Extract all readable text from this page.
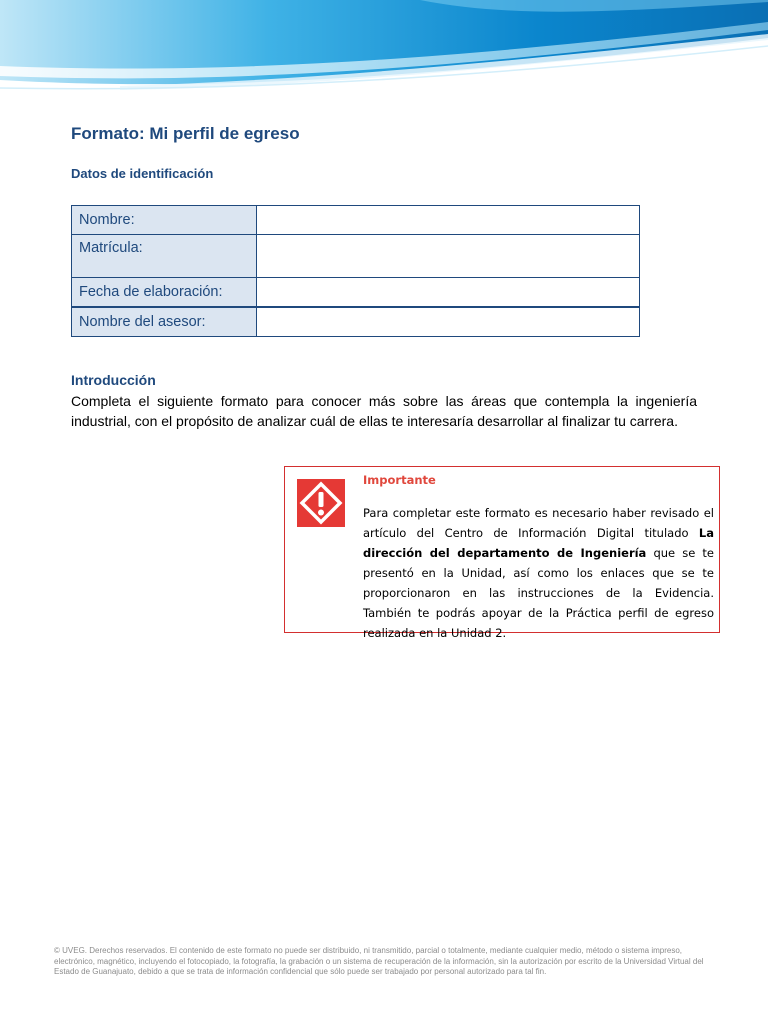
Formato: Mi perfil de egreso
Datos de identificación
Nombre:	
Matrícula:	
Fecha de elaboración:	
Nombre del asesor:	
Introducción
Completa el siguiente formato para conocer más sobre las áreas que contempla la ingeniería industrial, con el propósito de analizar cuál de ellas te interesaría desarrollar al finalizar tu carrera.
Importante
Para completar este formato es necesario haber revisado el artículo del Centro de Información Digital titulado La dirección del departamento de Ingeniería que se te presentó en la Unidad, así como los enlaces que se te proporcionaron en las instrucciones de la Evidencia. También te podrás apoyar de la Práctica perfil de egreso realizada en la Unidad 2.
© UVEG. Derechos reservados. El contenido de este formato no puede ser distribuido, ni transmitido, parcial o totalmente, mediante cualquier medio, método o sistema impreso, electrónico, magnético, incluyendo el fotocopiado, la fotografía, la grabación o un sistema de recuperación de la información, sin la autorización por escrito de la Universidad Virtual del Estado de Guanajuato, debido a que se trata de información confidencial que sólo puede ser trabajado por personal autorizado para tal fin.
